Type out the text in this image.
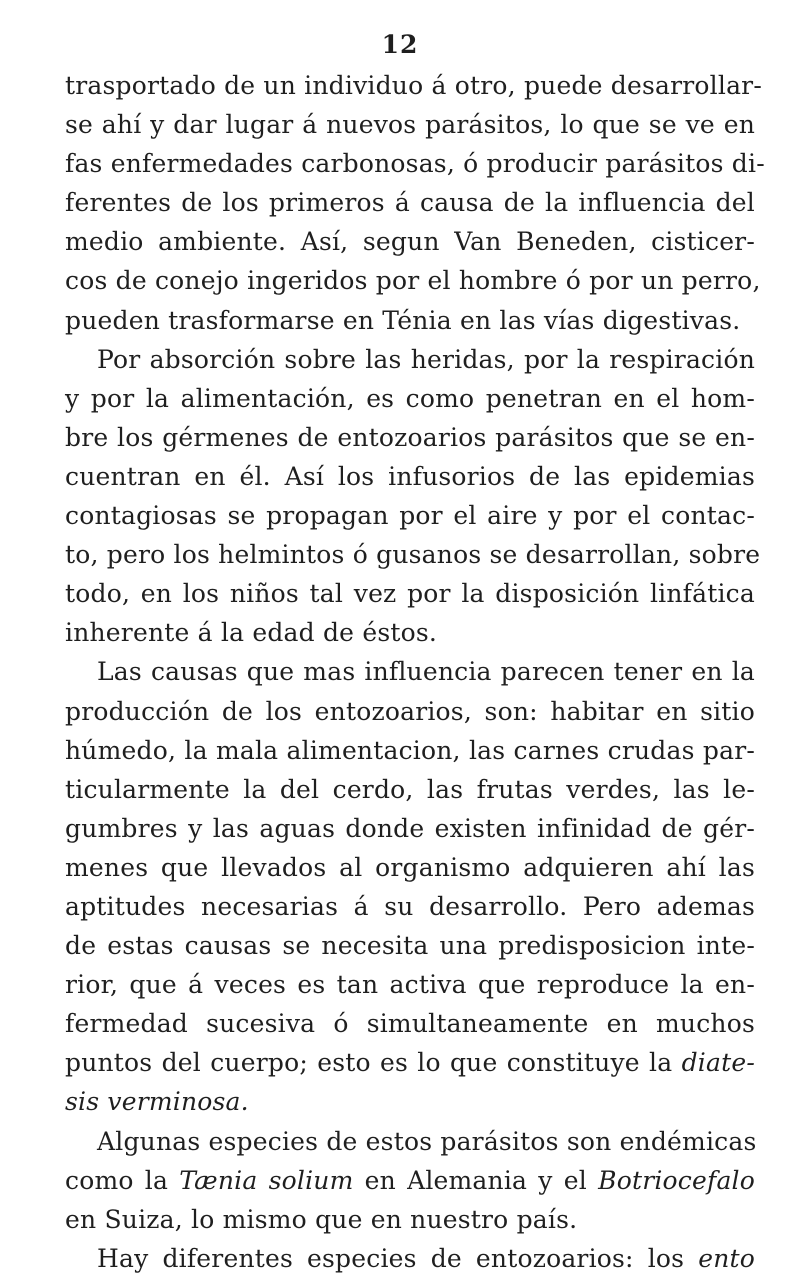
12
trasportado de un individuo á otro, puede desarrollar-
se ahí y dar lugar á nuevos parásitos, lo que se ve en
fas enfermedades carbonosas, ó producir parásitos di-
ferentes de los primeros á causa de la influencia del
medio ambiente. Así, segun Van Beneden, cisticer-
cos de conejo ingeridos por el hombre ó por un perro,
pueden trasformarse en Ténia en las vías digestivas.
Por absorción sobre las heridas, por la respiración
y por la alimentación, es como penetran en el hom-
bre los gérmenes de entozoarios parásitos que se en-
cuentran en él. Así los infusorios de las epidemias
contagiosas se propagan por el aire y por el contac-
to, pero los helmintos ó gusanos se desarrollan, sobre
todo, en los niños tal vez por la disposición linfática
inherente á la edad de éstos.
Las causas que mas influencia parecen tener en la
producción de los entozoarios, son: habitar en sitio
húmedo, la mala alimentacion, las carnes crudas par-
ticularmente la del cerdo, las frutas verdes, las le-
gumbres y las aguas donde existen infinidad de gér-
menes que llevados al organismo adquieren ahí las
aptitudes necesarias á su desarrollo. Pero ademas
de estas causas se necesita una predisposicion inte-
rior, que á veces es tan activa que reproduce la en-
fermedad sucesiva ó simultaneamente en muchos
puntos del cuerpo; esto es lo que constituye la diate-
sis verminosa.
Algunas especies de estos parásitos son endémicas
como la Tænia solium en Alemania y el Botriocefalo
en Suiza, lo mismo que en nuestro país.
Hay diferentes especies de entozoarios: los ento
